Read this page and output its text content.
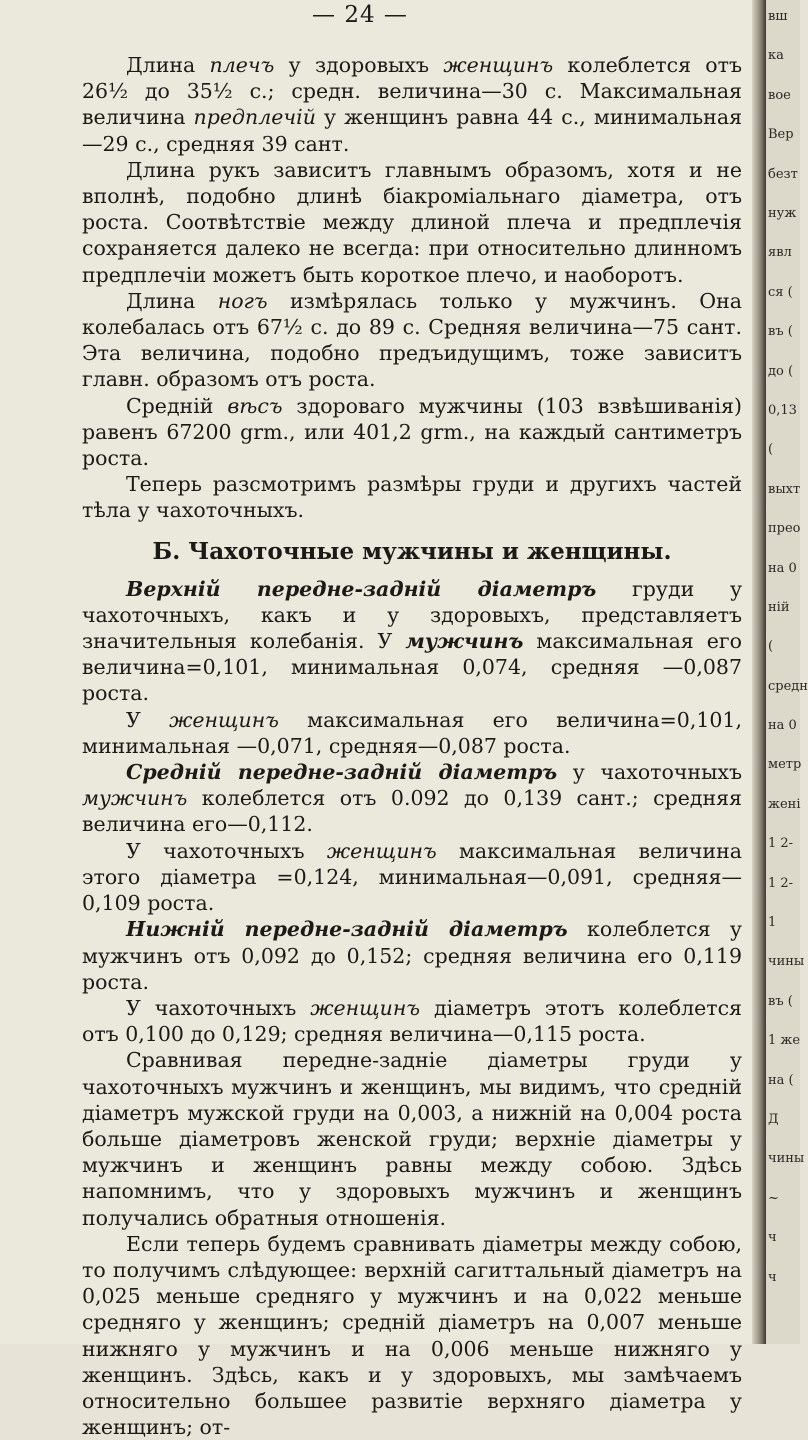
— 24 —

Длина плечъ у здоровыхъ женщинъ колеблется отъ 26½ до 35½ с.; средн. величина—30 с. Максимальная величина предплечій у женщинъ равна 44 с., минимальная—29 с., средняя 39 сант.

Длина рукъ зависитъ главнымъ образомъ, хотя и не вполнѣ, подобно длинѣ біакроміальнаго діаметра, отъ роста. Соотвѣтствіе между длиной плеча и предплечія сохраняется далеко не всегда: при относительно длинномъ предплечіи можетъ быть короткое плечо, и наоборотъ.

Длина ногъ измѣрялась только у мужчинъ. Она колебалась отъ 67½ с. до 89 с. Средняя величина—75 сант. Эта величина, подобно предъидущимъ, тоже зависитъ главн. образомъ отъ роста.

Средній вѣсъ здороваго мужчины (103 взвѣшиванія) равенъ 67200 grm., или 401,2 grm., на каждый сантиметръ роста.

Теперь разсмотримъ размѣры груди и другихъ частей тѣла у чахоточныхъ.

Б. Чахоточные мужчины и женщины.

Верхній передне-задній діаметръ груди у чахоточныхъ, какъ и у здоровыхъ, представляетъ значительныя колебанія. У мужчинъ максимальная его величина=0,101, минимальная 0,074, средняя —0,087 роста.

У женщинъ максимальная его величина=0,101, минимальная —0,071, средняя—0,087 роста.

Средній передне-задній діаметръ у чахоточныхъ мужчинъ колеблется отъ 0.092 до 0,139 сант.; средняя величина его—0,112.

У чахоточныхъ женщинъ максимальная величина этого діаметра =0,124, минимальная—0,091, средняя—0,109 роста.

Нижній передне-задній діаметръ колеблется у мужчинъ отъ 0,092 до 0,152; средняя величина его 0,119 роста.

У чахоточныхъ женщинъ діаметръ этотъ колеблется отъ 0,100 до 0,129; средняя величина—0,115 роста.

Сравнивая передне-задніе діаметры груди у чахоточныхъ мужчинъ и женщинъ, мы видимъ, что средній діаметръ мужской груди на 0,003, а нижній на 0,004 роста больше діаметровъ женской груди; верхніе діаметры у мужчинъ и женщинъ равны между собою. Здѣсь напомнимъ, что у здоровыхъ мужчинъ и женщинъ получались обратныя отношенія.

Если теперь будемъ сравнивать діаметры между собою, то получимъ слѣдующее: верхній сагиттальный діаметръ на 0,025 меньше средняго у мужчинъ и на 0,022 меньше средняго у женщинъ; средній діаметръ на 0,007 меньше нижняго у мужчинъ и на 0,006 меньше нижняго у женщинъ. Здѣсь, какъ и у здоровыхъ, мы замѣчаемъ относительно большее развитіе верхняго діаметра у женщинъ; от-

вш
ка
вое
Вер
безт
нуж
явл
ся (
въ (
до (
0,13
(
выхт
прео
на 0
ній
(
средн
на 0
метр
жені
1 2-
1 2-
1
чины
въ (
1 же
на (
Д
чины
~
ч
ч
